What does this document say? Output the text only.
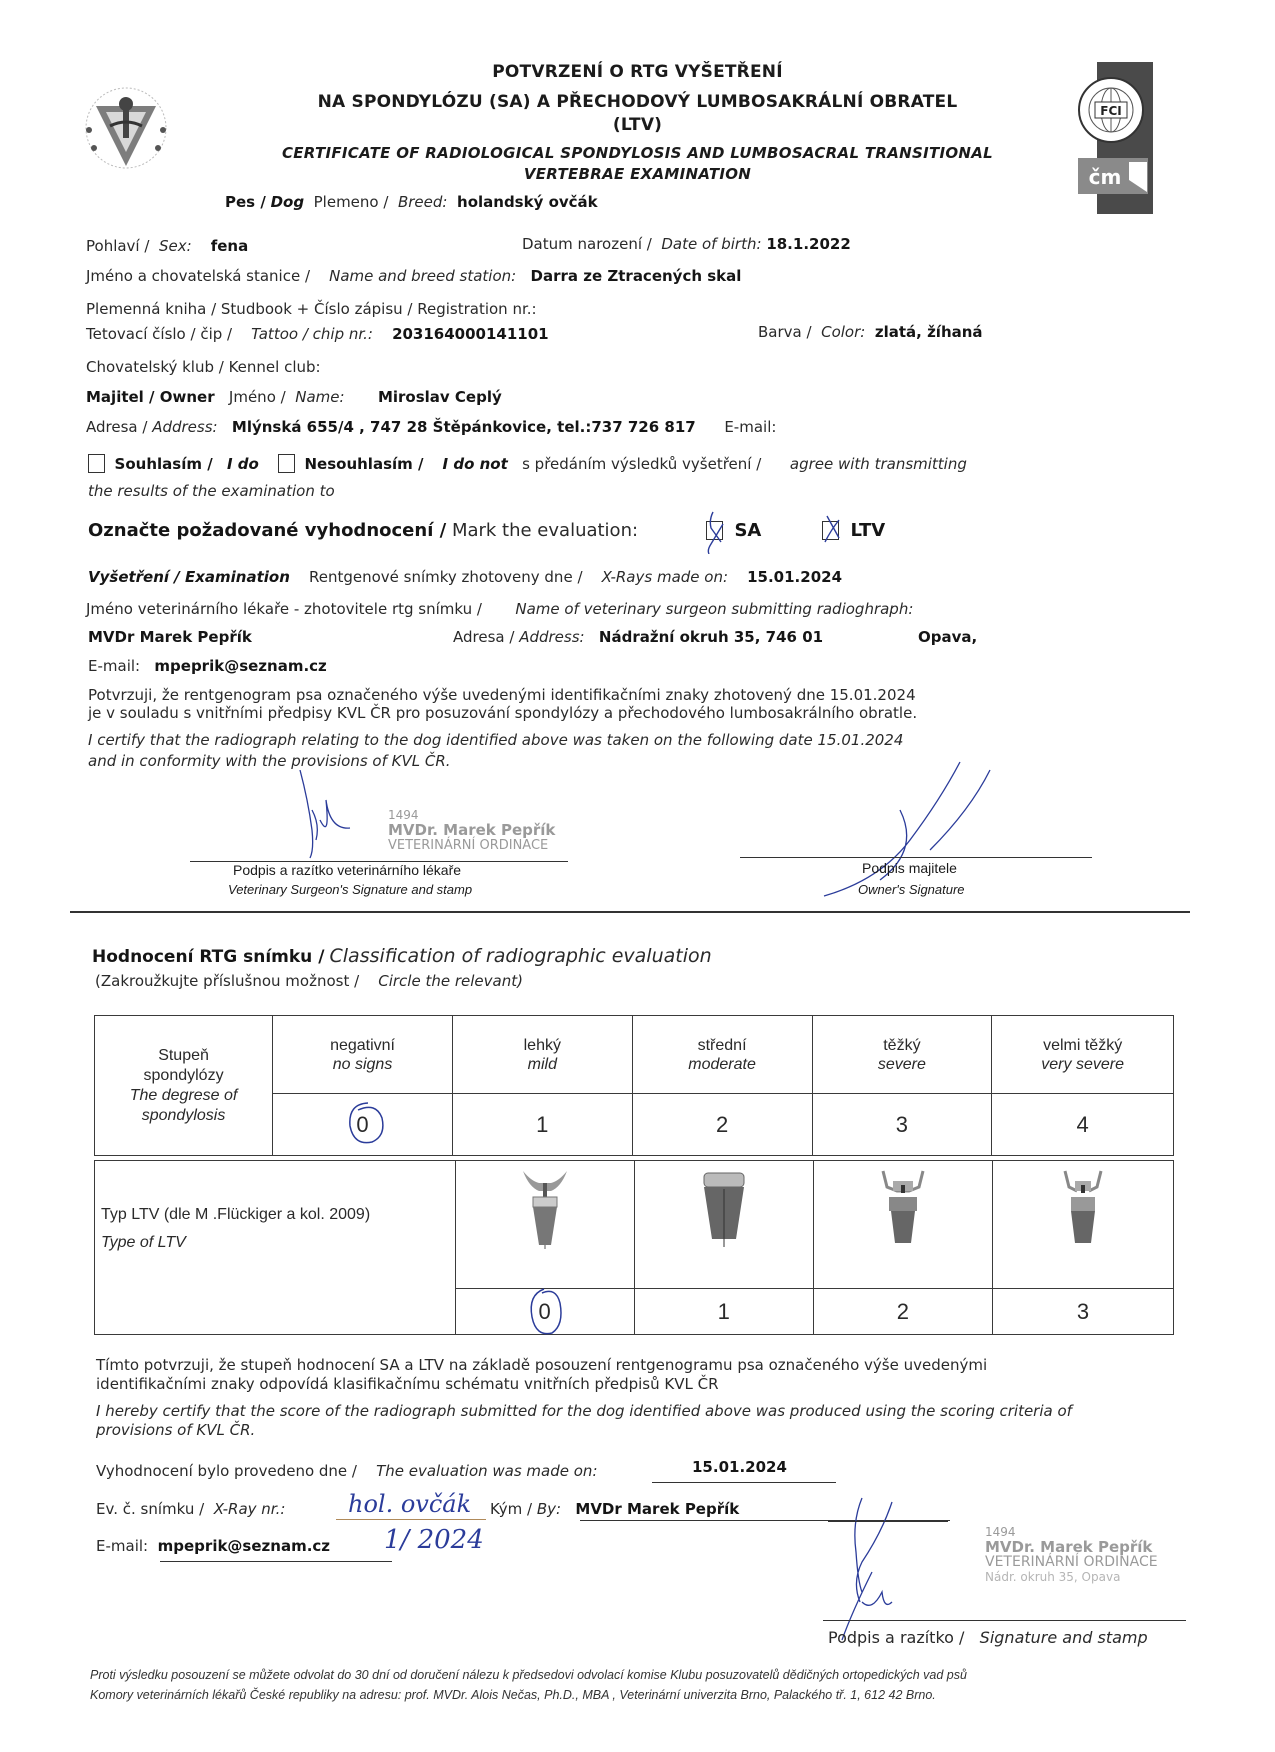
FCI
čm
POTVRZENÍ O RTG VYŠETŘENÍ
NA SPONDYLÓZU (SA) A PŘECHODOVÝ LUMBOSAKRÁLNÍ OBRATEL
(LTV)
CERTIFICATE OF RADIOLOGICAL SPONDYLOSIS AND LUMBOSACRAL TRANSITIONAL
VERTEBRAE EXAMINATION
Pes / Dog Plemeno / Breed: holandský ovčák
Pohlaví / Sex: fena	Datum narození / Date of birth: 18.1.2022
Jméno a chovatelská stanice / Name and breed station: Darra ze Ztracených skal
Plemenná kniha / Studbook + Číslo zápisu / Registration nr.:
Tetovací číslo / čip / Tattoo / chip nr.: 203164000141101	Barva / Color: zlatá, žíhaná
Chovatelský klub / Kennel club:
Majitel / Owner Jméno / Name: Miroslav Ceplý
Adresa / Address: Mlýnská 655/4 , 747 28 Štěpánkovice, tel.:737 726 817 E-mail:
Souhlasím / I do	Nesouhlasím / I do not s předáním výsledků vyšetření / agree with transmitting
the results of the examination to
Označte požadované vyhodnocení / Mark the evaluation:	SA	LTV
Vyšetření / Examination Rentgenové snímky zhotoveny dne / X-Rays made on: 15.01.2024
Jméno veterinárního lékaře - zhotovitele rtg snímku / Name of veterinary surgeon submitting radioghraph:
MVDr Marek Pepřík	Adresa / Address: Nádražní okruh 35, 746 01	Opava,
E-mail: mpeprik@seznam.cz
Potvrzuji, že rentgenogram psa označeného výše uvedenými identifikačními znaky zhotovený dne 15.01.2024
je v souladu s vnitřními předpisy KVL ČR pro posuzování spondylózy a přechodového lumbosakrálního obratle.
I certify that the radiograph relating to the dog identified above was taken on the following date 15.01.2024
and in conformity with the provisions of KVL ČR.
1494
MVDr. Marek Pepřík
VETERINÁRNÍ ORDINACE
Podpis a razítko veterinárního lékaře
Veterinary Surgeon's Signature and stamp
Podpis majitele
Owner's Signature
Hodnocení RTG snímku / Classification of radiographic evaluation
(Zakroužkujte příslušnou možnost / Circle the relevant)
Stupeň
spondylózy
The degrese of
spondylosis

negativní
no signs

lehký
mild

střední
moderate

těžký
severe

velmi těžký
very severe

0	1	2	3	4
Typ LTV (dle M .Flückiger a kol. 2009)
Type of LTV

0	1	2	3
Tímto potvrzuji, že stupeň hodnocení SA a LTV na základě posouzení rentgenogramu psa označeného výše uvedenými
identifikačními znaky odpovídá klasifikačnímu schématu vnitřních předpisů KVL ČR
I hereby certify that the score of the radiograph submitted for the dog identified above was produced using the scoring criteria of
provisions of KVL ČR.
Vyhodnocení bylo provedeno dne / The evaluation was made on:	15.01.2024
Ev. č. snímku / X-Ray nr.:	hol. ovčák Kým / By: MVDr Marek Pepřík
E-mail: mpeprik@seznam.cz 1/ 2024	1494
MVDr. Marek Pepřík
VETERINÁRNÍ ORDINACE
Nádr. okruh 35, Opava
Podpis a razítko / Signature and stamp
Proti výsledku posouzení se můžete odvolat do 30 dní od doručení nálezu k předsedovi odvolací komise Klubu posuzovatelů dědičných ortopedických vad psů
Komory veterinárních lékařů České republiky na adresu: prof. MVDr. Alois Nečas, Ph.D., MBA , Veterinární univerzita Brno, Palackého tř. 1, 612 42 Brno.
